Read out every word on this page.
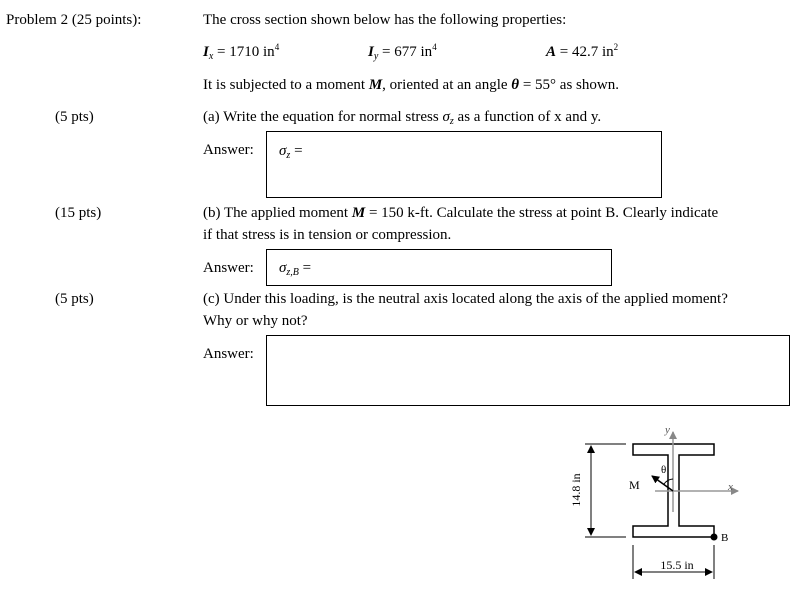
Problem 2 (25 points):	The cross section shown below has the following properties:
$I_x = 1710$ $in^4$	$I_y = 677$ $in^4$	A = 42.7 $in^2$
It is subjected to a moment M, oriented at an angle θ = 55° as shown.
(5 pts)	(a) Write the equation for normal stress $\sigma_z$ as a function of x and y.
Answer: $\sigma_z$ =
(15 pts)	(b) The applied moment M = 150 k-ft. Calculate the stress at point B. Clearly indicate
if that stress is in tension or compression.
Answer: $\sigma_{z,B}$ =
(5 pts)	(c) Under this loading, is the neutral axis located along the axis of the applied moment?
Why or why not?
Answer:
14.8 in
15.5 in
y
x
θ
M
B
